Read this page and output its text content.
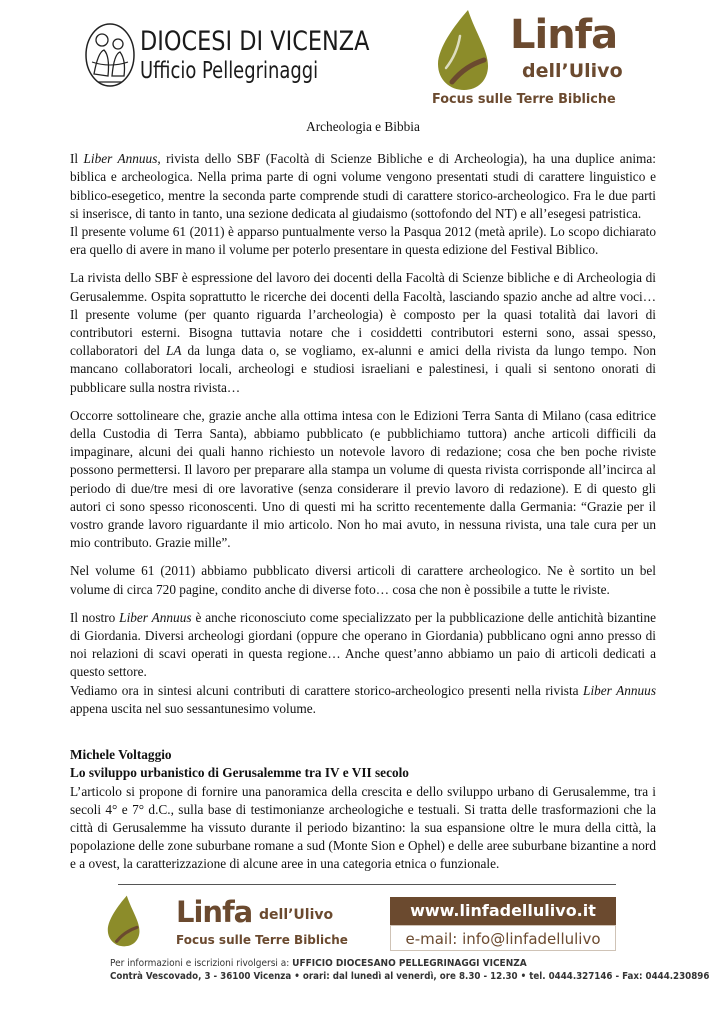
DIOCESI DI VICENZA
Ufficio Pellegrinaggi
Linfa
dell’Ulivo
Focus sulle Terre Bibliche

Archeologia e Bibbia

Il Liber Annuus, rivista dello SBF (Facoltà di Scienze Bibliche e di Archeologia), ha una duplice anima: biblica e archeologica. Nella prima parte di ogni volume vengono presentati studi di carattere linguistico e biblico-esegetico, mentre la seconda parte comprende studi di carattere storico-archeologico. Fra le due parti si inserisce, di tanto in tanto, una sezione dedicata al giudaismo (sottofondo del NT) e all’esegesi patristica.

Il presente volume 61 (2011) è apparso puntualmente verso la Pasqua 2012 (metà aprile). Lo scopo dichiarato era quello di avere in mano il volume per poterlo presentare in questa edizione del Festival Biblico.

La rivista dello SBF è espressione del lavoro dei docenti della Facoltà di Scienze bibliche e di Archeologia di Gerusalemme. Ospita soprattutto le ricerche dei docenti della Facoltà, lasciando spazio anche ad altre voci… Il presente volume (per quanto riguarda l’archeologia) è composto per la quasi totalità dai lavori di contributori esterni. Bisogna tuttavia notare che i cosiddetti contributori esterni sono, assai spesso, collaboratori del LA da lunga data o, se vogliamo, ex-alunni e amici della rivista da lungo tempo. Non mancano collaboratori locali, archeologi e studiosi israeliani e palestinesi, i quali si sentono onorati di pubblicare sulla nostra rivista…

Occorre sottolineare che, grazie anche alla ottima intesa con le Edizioni Terra Santa di Milano (casa editrice della Custodia di Terra Santa), abbiamo pubblicato (e pubblichiamo tuttora) anche articoli difficili da impaginare, alcuni dei quali hanno richiesto un notevole lavoro di redazione; cosa che ben poche riviste possono permettersi. Il lavoro per preparare alla stampa un volume di questa rivista corrisponde all’incirca al periodo di due/tre mesi di ore lavorative (senza considerare il previo lavoro di redazione). E di questo gli autori ci sono spesso riconoscenti. Uno di questi mi ha scritto recentemente dalla Germania: “Grazie per il vostro grande lavoro riguardante il mio articolo. Non ho mai avuto, in nessuna rivista, una tale cura per un mio contributo. Grazie mille”.

Nel volume 61 (2011) abbiamo pubblicato diversi articoli di carattere archeologico. Ne è sortito un bel volume di circa 720 pagine, condito anche di diverse foto… cosa che non è possibile a tutte le riviste.

Il nostro Liber Annuus è anche riconosciuto come specializzato per la pubblicazione delle antichità bizantine di Giordania. Diversi archeologi giordani (oppure che operano in Giordania) pubblicano ogni anno presso di noi relazioni di scavi operati in questa regione… Anche quest’anno abbiamo un paio di articoli dedicati a questo settore.

Vediamo ora in sintesi alcuni contributi di carattere storico-archeologico presenti nella rivista Liber Annuus appena uscita nel suo sessantunesimo volume.

Michele Voltaggio

Lo sviluppo urbanistico di Gerusalemme tra IV e VII secolo

L’articolo si propone di fornire una panoramica della crescita e dello sviluppo urbano di Gerusalemme, tra i secoli 4° e 7° d.C., sulla base di testimonianze archeologiche e testuali. Si tratta delle trasformazioni che la città di Gerusalemme ha vissuto durante il periodo bizantino: la sua espansione oltre le mura della città, la popolazione delle zone suburbane romane a sud (Monte Sion e Ophel) e delle aree suburbane bizantine a nord e a ovest, la caratterizzazione di alcune aree in una categoria etnica o funzionale.

Linfa dell’Ulivo
Focus sulle Terre Bibliche
www.linfadellulivo.it
e-mail: info@linfadellulivo
Per informazioni e iscrizioni rivolgersi a: UFFICIO DIOCESANO PELLEGRINAGGI VICENZA
Contrà Vescovado, 3 - 36100 Vicenza • orari: dal lunedì al venerdì, ore 8.30 - 12.30 • tel. 0444.327146 - Fax: 0444.230896
